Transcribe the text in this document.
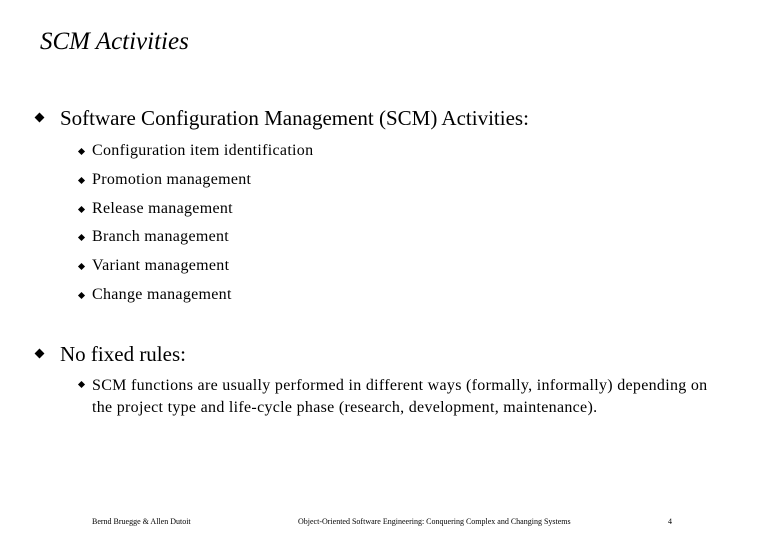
SCM Activities
Software Configuration Management (SCM) Activities:
Configuration item identification
Promotion management
Release management
Branch management
Variant management
Change management
No fixed rules:
SCM functions are usually performed in different ways (formally, informally) depending on the project type and life-cycle phase (research, development, maintenance).
Bernd Bruegge & Allen Dutoit	Object-Oriented Software Engineering: Conquering Complex and Changing Systems	4
